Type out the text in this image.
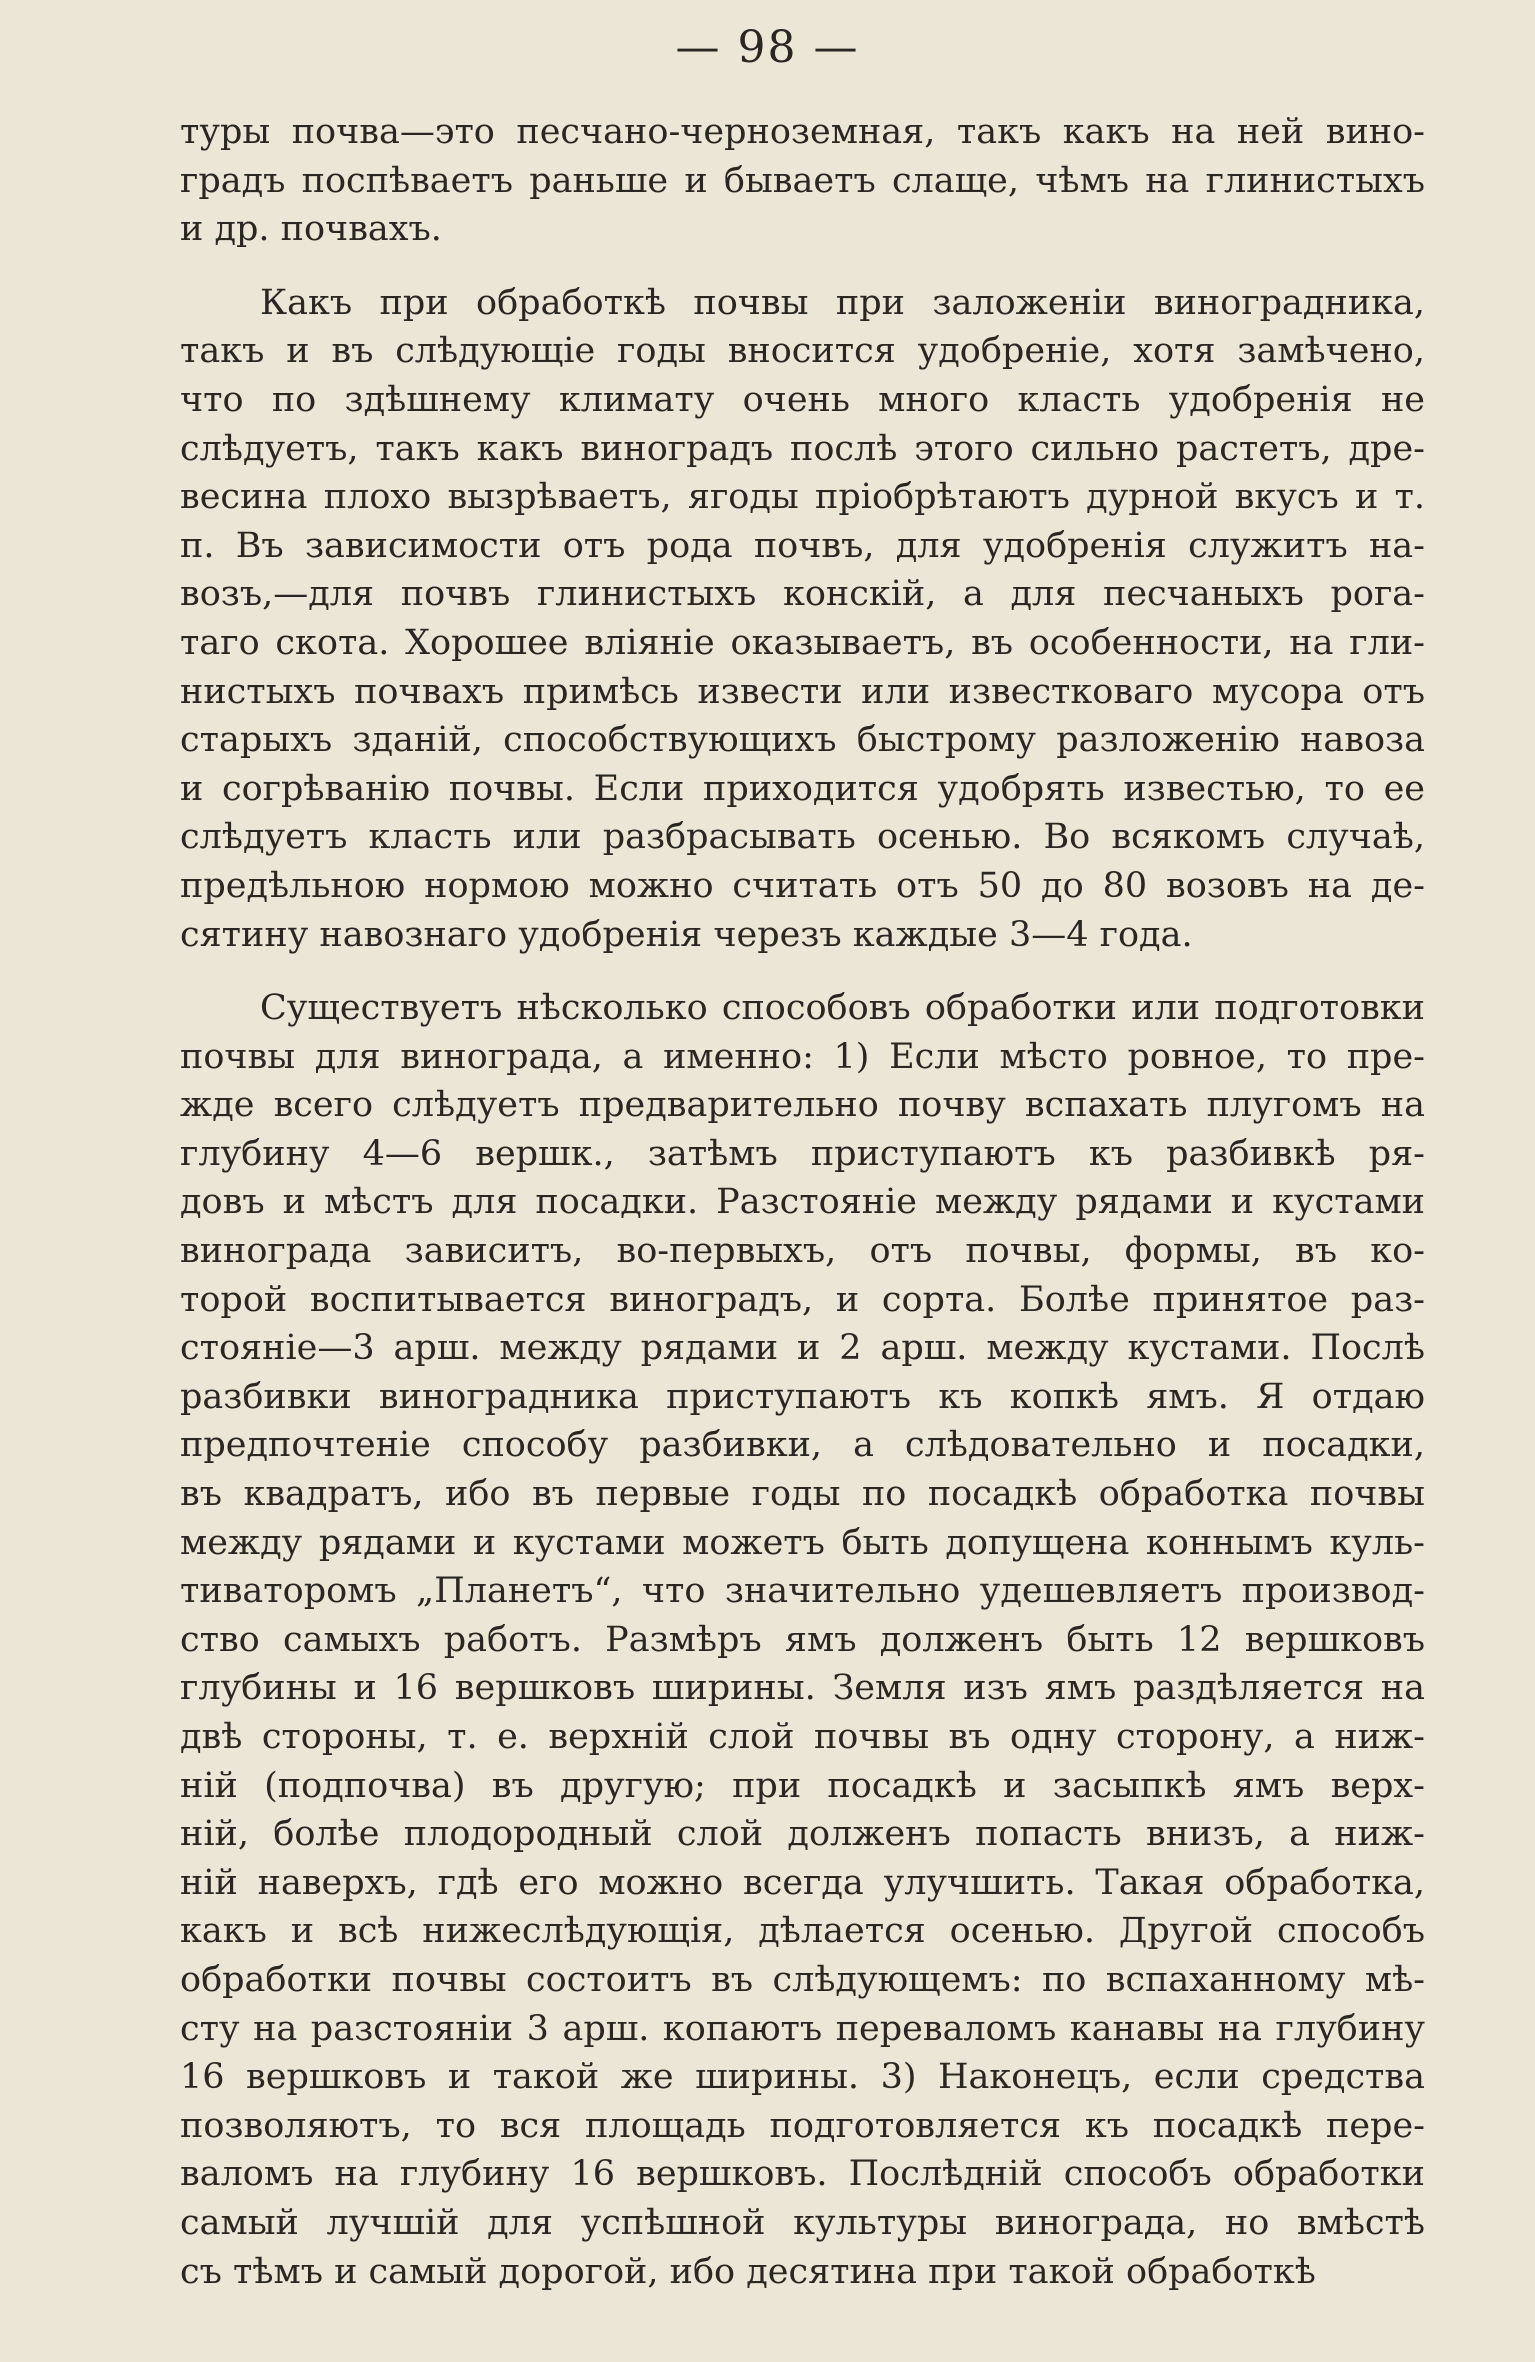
— 98 —
туры почва—это песчано-черноземная, такъ какъ на ней вино-
градъ поспѣваетъ раньше и бываетъ слаще, чѣмъ на глинистыхъ
и др. почвахъ.
Какъ при обработкѣ почвы при заложенiи виноградника,
такъ и въ слѣдующiе годы вносится удобренiе, хотя замѣчено,
что по здѣшнему климату очень много класть удобренiя не
слѣдуетъ, такъ какъ виноградъ послѣ этого сильно растетъ, дре-
весина плохо вызрѣваетъ, ягоды прiобрѣтаютъ дурной вкусъ и т.
п. Въ зависимости отъ рода почвъ, для удобренiя служитъ на-
возъ,—для почвъ глинистыхъ конскiй, а для песчаныхъ рога-
таго скота. Хорошее влiянiе оказываетъ, въ особенности, на гли-
нистыхъ почвахъ примѣсь извести или известковаго мусора отъ
старыхъ зданiй, способствующихъ быстрому разложенiю навоза
и согрѣванiю почвы. Если приходится удобрять известью, то ее
слѣдуетъ класть или разбрасывать осенью. Во всякомъ случаѣ,
предѣльною нормою можно считать отъ 50 до 80 возовъ на де-
сятину навознаго удобренiя черезъ каждые 3—4 года.
Существуетъ нѣсколько способовъ обработки или подготовки
почвы для винограда, а именно: 1) Если мѣсто ровное, то пре-
жде всего слѣдуетъ предварительно почву вспахать плугомъ на
глубину 4—6 вершк., затѣмъ приступаютъ къ разбивкѣ ря-
довъ и мѣстъ для посадки. Разстоянiе между рядами и кустами
винограда зависитъ, во-первыхъ, отъ почвы, формы, въ ко-
торой воспитывается виноградъ, и сорта. Болѣе принятое раз-
стоянiе—3 арш. между рядами и 2 арш. между кустами. Послѣ
разбивки виноградника приступаютъ къ копкѣ ямъ. Я отдаю
предпочтенiе способу разбивки, а слѣдовательно и посадки,
въ квадратъ, ибо въ первые годы по посадкѣ обработка почвы
между рядами и кустами можетъ быть допущена коннымъ куль-
тиваторомъ „Планетъ“, что значительно удешевляетъ производ-
ство самыхъ работъ. Размѣръ ямъ долженъ быть 12 вершковъ
глубины и 16 вершковъ ширины. Земля изъ ямъ раздѣляется на
двѣ стороны, т. е. верхнiй слой почвы въ одну сторону, а ниж-
нiй (подпочва) въ другую; при посадкѣ и засыпкѣ ямъ верх-
нiй, болѣе плодородный слой долженъ попасть внизъ, а ниж-
нiй наверхъ, гдѣ его можно всегда улучшить. Такая обработка,
какъ и всѣ нижеслѣдующiя, дѣлается осенью. Другой способъ
обработки почвы состоитъ въ слѣдующемъ: по вспаханному мѣ-
сту на разстоянiи 3 арш. копаютъ переваломъ канавы на глубину
16 вершковъ и такой же ширины. 3) Наконецъ, если средства
позволяютъ, то вся площадь подготовляется къ посадкѣ пере-
валомъ на глубину 16 вершковъ. Послѣднiй способъ обработки
самый лучшiй для успѣшной культуры винограда, но вмѣстѣ
съ тѣмъ и самый дорогой, ибо десятина при такой обработкѣ
